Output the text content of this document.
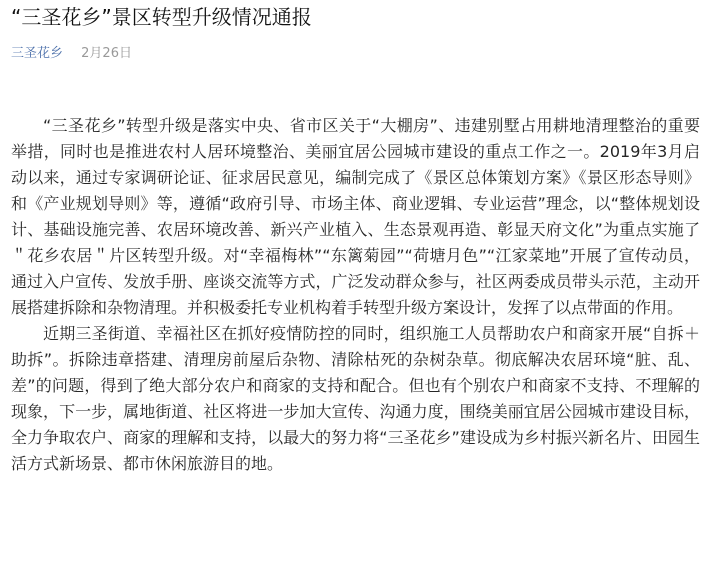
“三圣花乡”景区转型升级情况通报
三圣花乡 2月26日

“三圣花乡”转型升级是落实中央、省市区关于“大棚房”、违建别墅占用耕地清理整治的重要举措，同时也是推进农村人居环境整治、美丽宜居公园城市建设的重点工作之一。2019年3月启动以来，通过专家调研论证、征求居民意见，编制完成了《景区总体策划方案》《景区形态导则》和《产业规划导则》等，遵循“政府引导、市场主体、商业逻辑、专业运营”理念，以“整体规划设计、基础设施完善、农居环境改善、新兴产业植入、生态景观再造、彰显天府文化”为重点实施了＂花乡农居＂片区转型升级。对“幸福梅林”“东篱菊园”“荷塘月色”“江家菜地”开展了宣传动员，通过入户宣传、发放手册、座谈交流等方式，广泛发动群众参与，社区两委成员带头示范，主动开展搭建拆除和杂物清理。并积极委托专业机构着手转型升级方案设计，发挥了以点带面的作用。

近期三圣街道、幸福社区在抓好疫情防控的同时，组织施工人员帮助农户和商家开展“自拆＋助拆”。拆除违章搭建、清理房前屋后杂物、清除枯死的杂树杂草。彻底解决农居环境“脏、乱、差”的问题，得到了绝大部分农户和商家的支持和配合。但也有个别农户和商家不支持、不理解的现象，下一步，属地街道、社区将进一步加大宣传、沟通力度，围绕美丽宜居公园城市建设目标，全力争取农户、商家的理解和支持，以最大的努力将“三圣花乡”建设成为乡村振兴新名片、田园生活方式新场景、都市休闲旅游目的地。
